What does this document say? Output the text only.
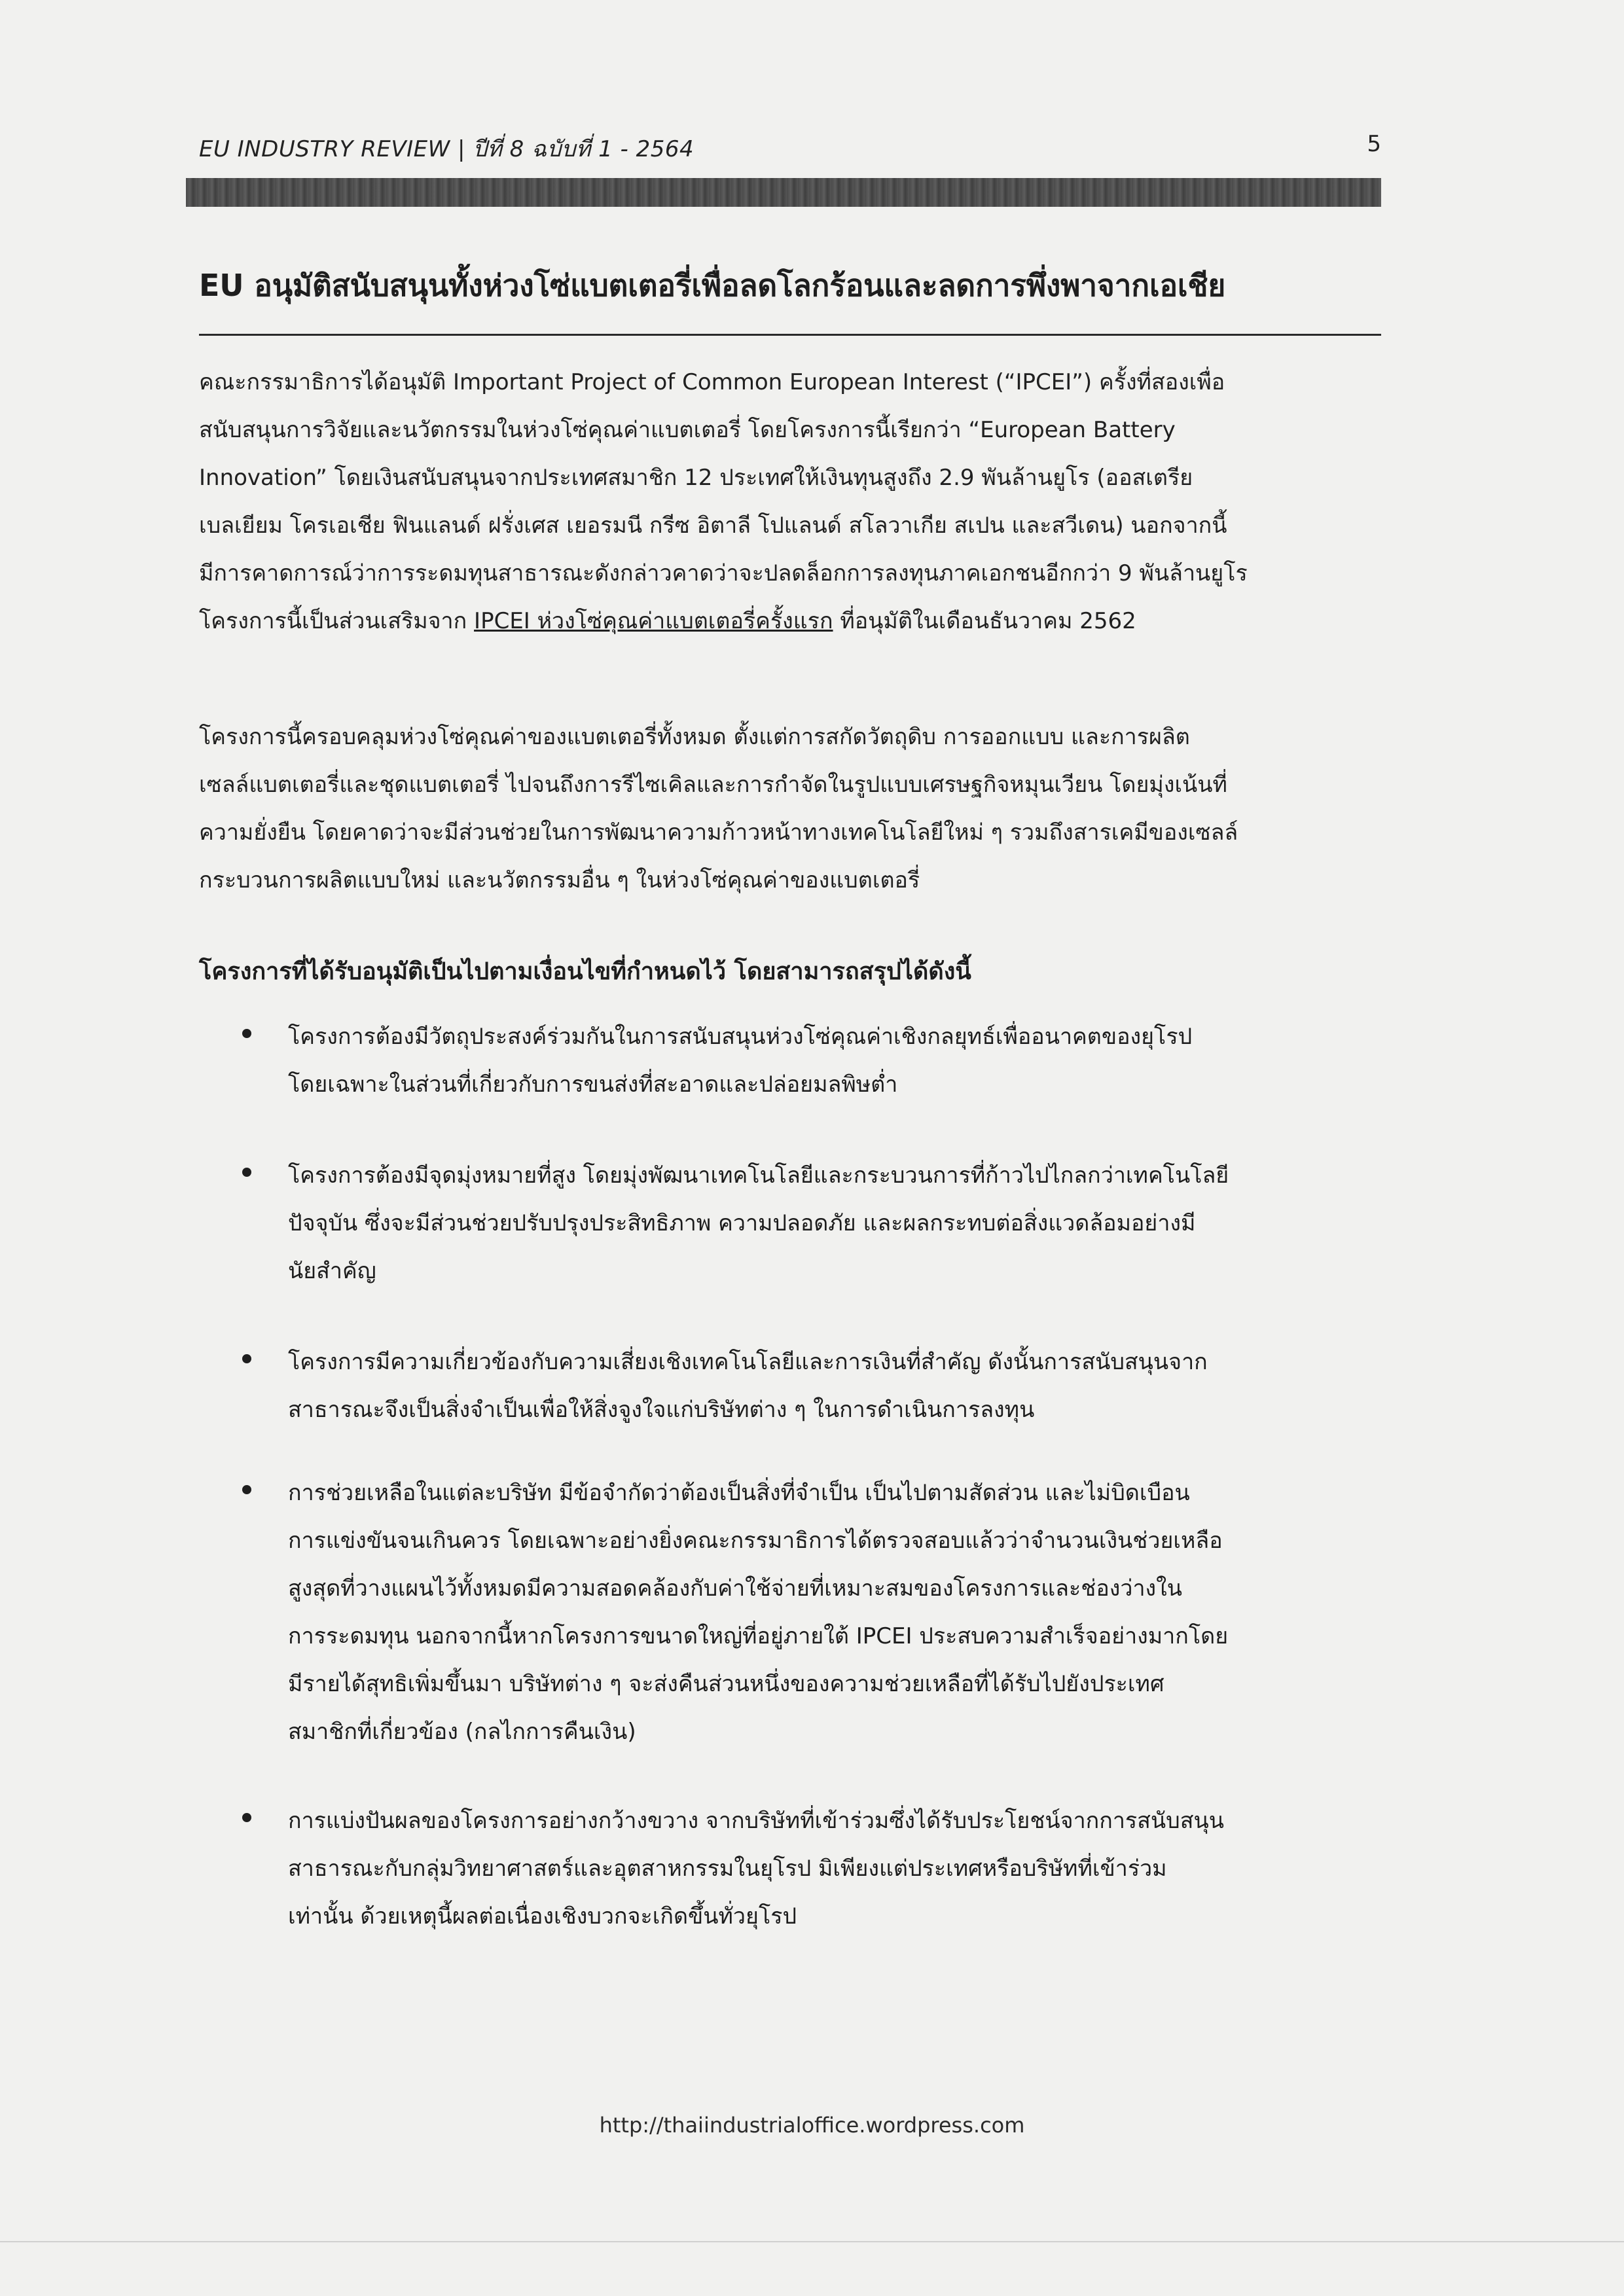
EU INDUSTRY REVIEW | ปีที่ 8 ฉบับที่ 1 - 2564	5
EU อนุมัติสนับสนุนทั้งห่วงโซ่แบตเตอรี่เพื่อลดโลกร้อนและลดการพึ่งพาจากเอเชีย
คณะกรรมาธิการได้อนุมัติ Important Project of Common European Interest (“IPCEI”) ครั้งที่สองเพื่อ
สนับสนุนการวิจัยและนวัตกรรมในห่วงโซ่คุณค่าแบตเตอรี่ โดยโครงการนี้เรียกว่า “European Battery
Innovation” โดยเงินสนับสนุนจากประเทศสมาชิก 12 ประเทศให้เงินทุนสูงถึง 2.9 พันล้านยูโร (ออสเตรีย
เบลเยียม โครเอเชีย ฟินแลนด์ ฝรั่งเศส เยอรมนี กรีซ อิตาลี โปแลนด์ สโลวาเกีย สเปน และสวีเดน) นอกจากนี้
มีการคาดการณ์ว่าการระดมทุนสาธารณะดังกล่าวคาดว่าจะปลดล็อกการลงทุนภาคเอกชนอีกกว่า 9 พันล้านยูโร
โครงการนี้เป็นส่วนเสริมจาก IPCEI ห่วงโซ่คุณค่าแบตเตอรี่ครั้งแรก ที่อนุมัติในเดือนธันวาคม 2562
โครงการนี้ครอบคลุมห่วงโซ่คุณค่าของแบตเตอรี่ทั้งหมด ตั้งแต่การสกัดวัตถุดิบ การออกแบบ และการผลิต
เซลล์แบตเตอรี่และชุดแบตเตอรี่ ไปจนถึงการรีไซเคิลและการกำจัดในรูปแบบเศรษฐกิจหมุนเวียน โดยมุ่งเน้นที่
ความยั่งยืน โดยคาดว่าจะมีส่วนช่วยในการพัฒนาความก้าวหน้าทางเทคโนโลยีใหม่ ๆ รวมถึงสารเคมีของเซลล์
กระบวนการผลิตแบบใหม่ และนวัตกรรมอื่น ๆ ในห่วงโซ่คุณค่าของแบตเตอรี่
โครงการที่ได้รับอนุมัติเป็นไปตามเงื่อนไขที่กำหนดไว้ โดยสามารถสรุปได้ดังนี้
โครงการต้องมีวัตถุประสงค์ร่วมกันในการสนับสนุนห่วงโซ่คุณค่าเชิงกลยุทธ์เพื่ออนาคตของยุโรป
โดยเฉพาะในส่วนที่เกี่ยวกับการขนส่งที่สะอาดและปล่อยมลพิษต่ำ
โครงการต้องมีจุดมุ่งหมายที่สูง โดยมุ่งพัฒนาเทคโนโลยีและกระบวนการที่ก้าวไปไกลกว่าเทคโนโลยี
ปัจจุบัน ซึ่งจะมีส่วนช่วยปรับปรุงประสิทธิภาพ ความปลอดภัย และผลกระทบต่อสิ่งแวดล้อมอย่างมี
นัยสำคัญ
โครงการมีความเกี่ยวข้องกับความเสี่ยงเชิงเทคโนโลยีและการเงินที่สำคัญ ดังนั้นการสนับสนุนจาก
สาธารณะจึงเป็นสิ่งจำเป็นเพื่อให้สิ่งจูงใจแก่บริษัทต่าง ๆ ในการดำเนินการลงทุน
การช่วยเหลือในแต่ละบริษัท มีข้อจำกัดว่าต้องเป็นสิ่งที่จำเป็น เป็นไปตามสัดส่วน และไม่บิดเบือน
การแข่งขันจนเกินควร โดยเฉพาะอย่างยิ่งคณะกรรมาธิการได้ตรวจสอบแล้วว่าจำนวนเงินช่วยเหลือ
สูงสุดที่วางแผนไว้ทั้งหมดมีความสอดคล้องกับค่าใช้จ่ายที่เหมาะสมของโครงการและช่องว่างใน
การระดมทุน นอกจากนี้หากโครงการขนาดใหญ่ที่อยู่ภายใต้ IPCEI ประสบความสำเร็จอย่างมากโดย
มีรายได้สุทธิเพิ่มขึ้นมา บริษัทต่าง ๆ จะส่งคืนส่วนหนึ่งของความช่วยเหลือที่ได้รับไปยังประเทศ
สมาชิกที่เกี่ยวข้อง (กลไกการคืนเงิน)
การแบ่งปันผลของโครงการอย่างกว้างขวาง จากบริษัทที่เข้าร่วมซึ่งได้รับประโยชน์จากการสนับสนุน
สาธารณะกับกลุ่มวิทยาศาสตร์และอุตสาหกรรมในยุโรป มิเพียงแต่ประเทศหรือบริษัทที่เข้าร่วม
เท่านั้น ด้วยเหตุนี้ผลต่อเนื่องเชิงบวกจะเกิดขึ้นทั่วยุโรป
http://thaiindustrialoffice.wordpress.com
